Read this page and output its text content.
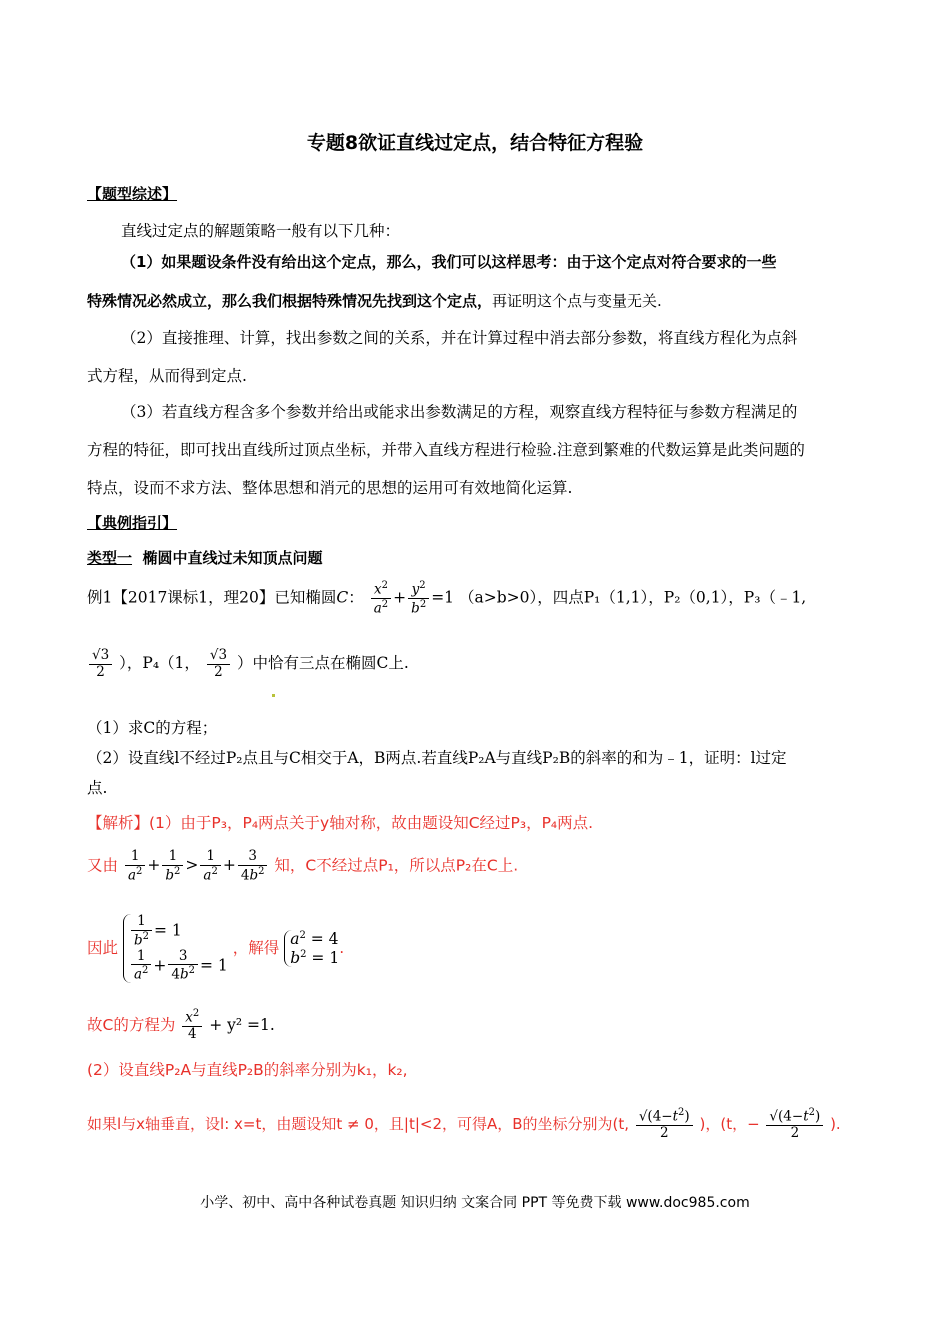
专题8欲证直线过定点，结合特征方程验
【题型综述】
直线过定点的解题策略一般有以下几种：
（1）如果题设条件没有给出这个定点，那么，我们可以这样思考：由于这个定点对符合要求的一些
特殊情况必然成立，那么我们根据特殊情况先找到这个定点，再证明这个点与变量无关.
（2）直接推理、计算，找出参数之间的关系，并在计算过程中消去部分参数，将直线方程化为点斜
式方程，从而得到定点.
（3）若直线方程含多个参数并给出或能求出参数满足的方程，观察直线方程特征与参数方程满足的
方程的特征，即可找出直线所过顶点坐标，并带入直线方程进行检验.注意到繁难的代数运算是此类问题的
特点，设而不求方法、整体思想和消元的思想的运用可有效地简化运算.
【典例指引】
类型一 椭圆中直线过未知顶点问题
例1【2017课标1，理20】已知椭圆C： $\frac{x^2}{a^2} + \frac{y^2}{b^2} =1$ （a>b>0），四点P₁（1,1），P₂（0,1），P₃（﹣1,
$\frac{√3}{2}$ ），P₄（1， $\frac{√3}{2}$ ）中恰有三点在椭圆C上.
（1）求C的方程；
（2）设直线l不经过P₂点且与C相交于A，B两点.若直线P₂A与直线P₂B的斜率的和为﹣1，证明：l过定
点.
【解析】(1）由于P₃，P₄两点关于y轴对称，故由题设知C经过P₃，P₄两点.
又由 $\frac{1}{a^2} + \frac{1}{b^2} > \frac{1}{a^2} + \frac{3}{4b^2}$ 知，C不经过点P₁，所以点P₂在C上.
因此 $\frac{1}{b^2} = 1$
$\frac{1}{a^2} + \frac{3}{4b^2} = 1$
，解得
$a^2 = 4$
$b^2 = 1$
.
故C的方程为 $\frac{x^2}{4} + y^2 =1$.
(2）设直线P₂A与直线P₂B的斜率分别为k₁，k₂,
如果l与x轴垂直，设l: x=t，由题设知t ≠ 0，且|t|<2，可得A，B的坐标分别为(t, $\frac{√(4-t^2)}{2}$ )，(t，− $\frac{√(4-t^2)}{2}$ ).
小学、初中、高中各种试卷真题 知识归纳 文案合同 PPT 等免费下载 www.doc985.com
